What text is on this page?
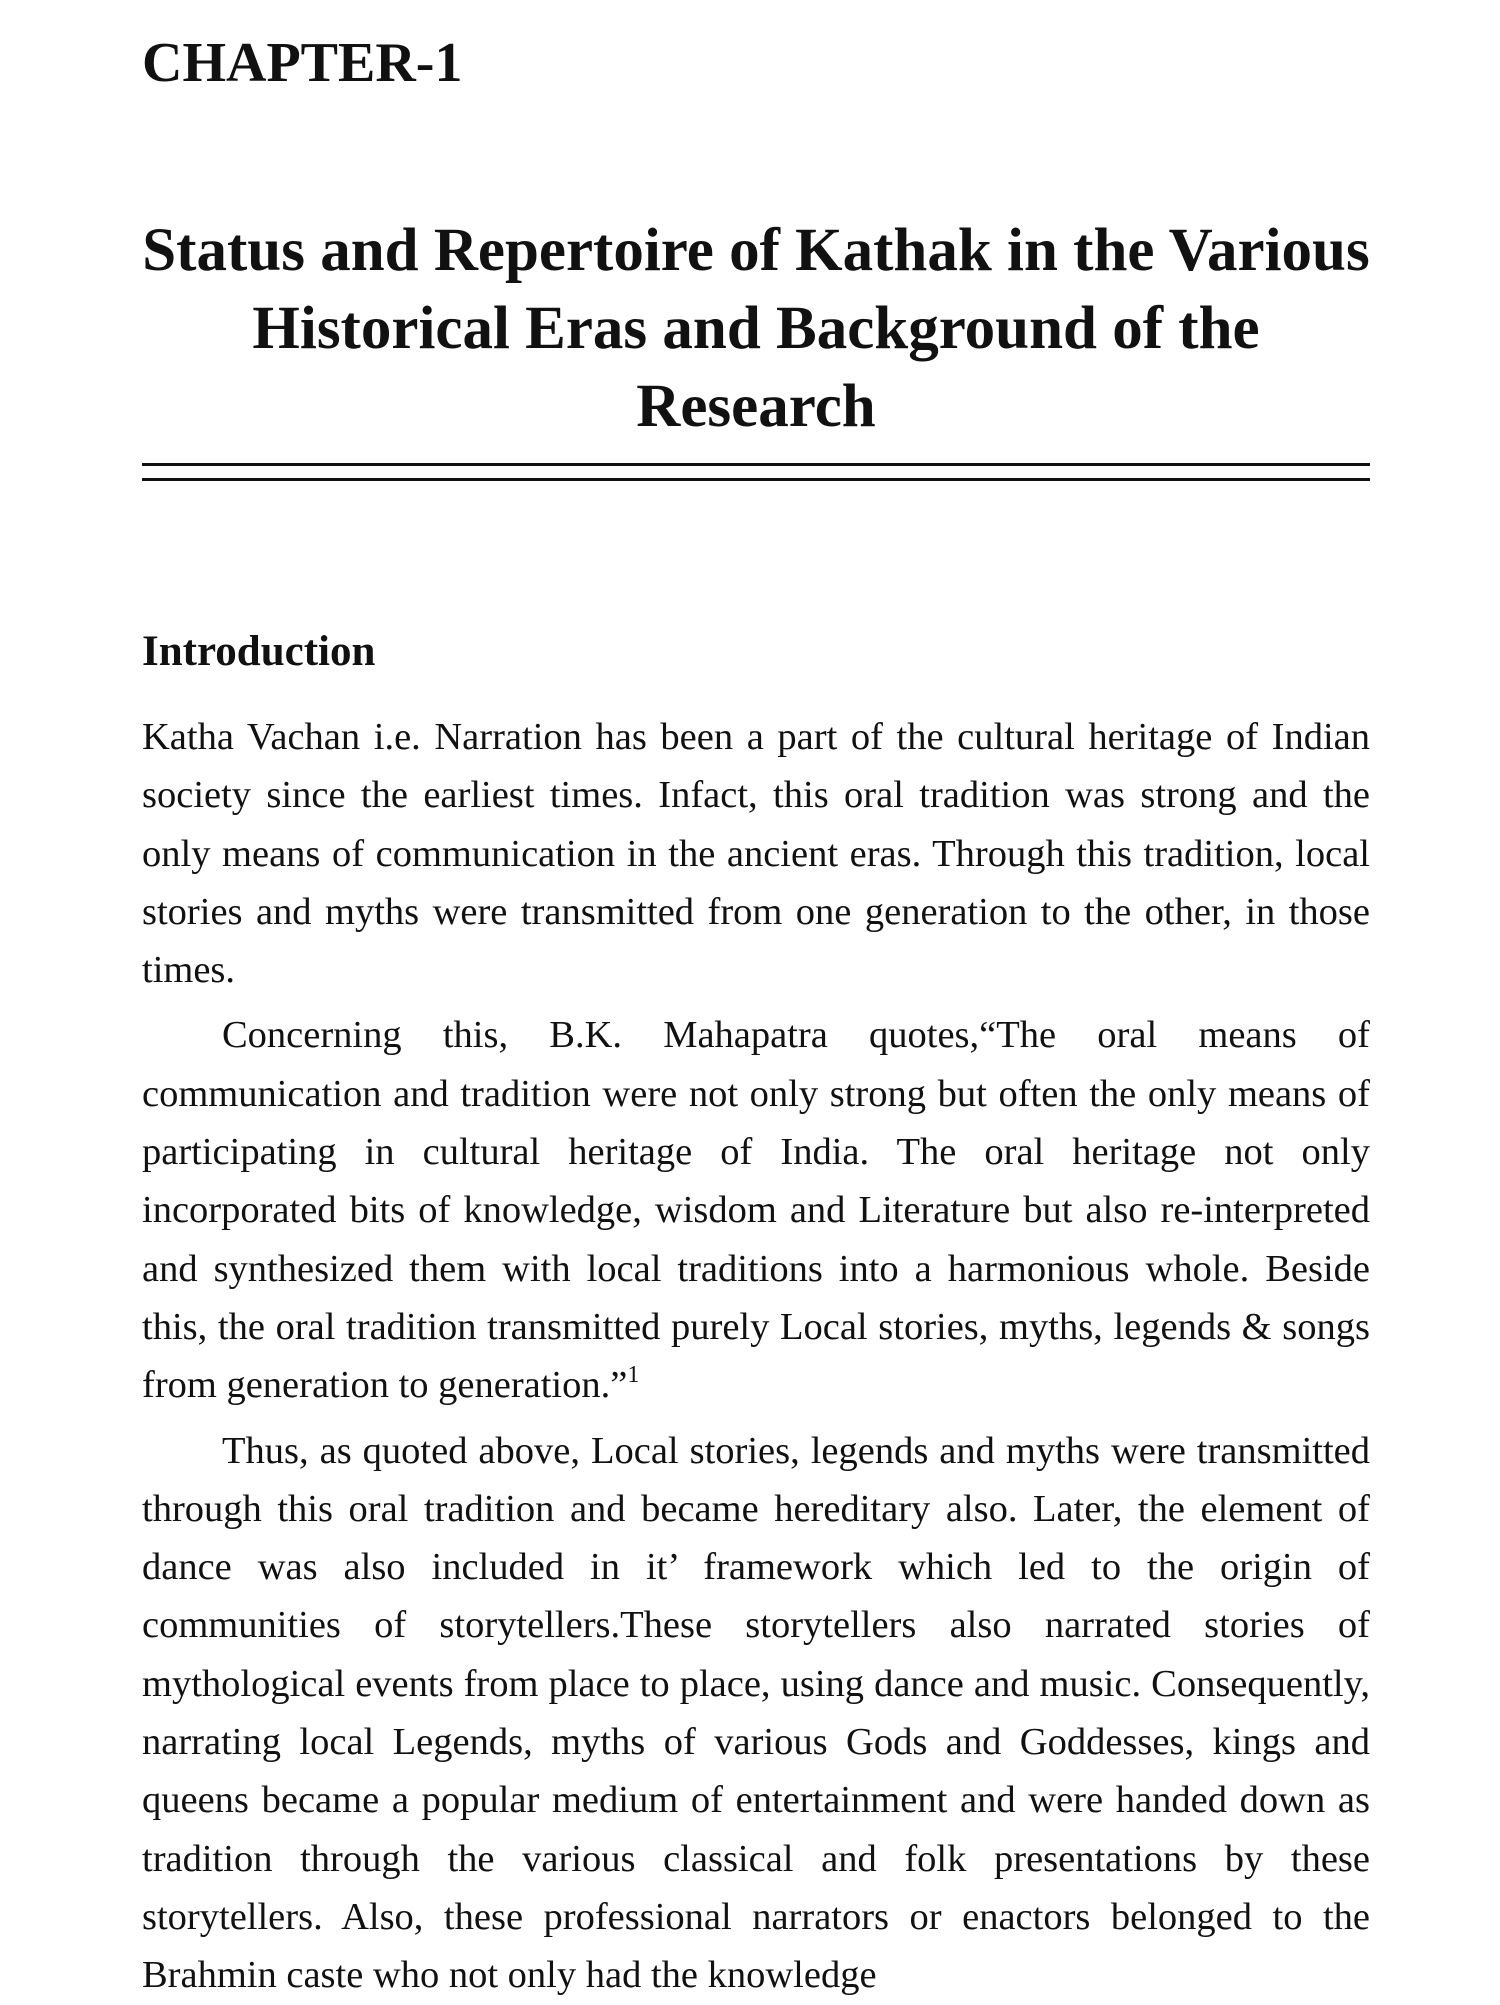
CHAPTER-1
Status and Repertoire of Kathak in the Various Historical Eras and Background of the Research
Introduction

Katha Vachan i.e. Narration has been a part of the cultural heritage of Indian society since the earliest times. Infact, this oral tradition was strong and the only means of communication in the ancient eras. Through this tradition, local stories and myths were transmitted from one generation to the other, in those times.

Concerning this, B.K. Mahapatra quotes,“The oral means of communication and tradition were not only strong but often the only means of participating in cultural heritage of India. The oral heritage not only incorporated bits of knowledge, wisdom and Literature but also re-interpreted and synthesized them with local traditions into a harmonious whole. Beside this, the oral tradition transmitted purely Local stories, myths, legends & songs from generation to generation.”$^1$

Thus, as quoted above, Local stories, legends and myths were transmitted through this oral tradition and became hereditary also. Later, the element of dance was also included in it’ framework which led to the origin of communities of storytellers.These storytellers also narrated stories of mythological events from place to place, using dance and music. Consequently, narrating local Legends, myths of various Gods and Goddesses, kings and queens became a popular medium of entertainment and were handed down as tradition through the various classical and folk presentations by these storytellers. Also, these professional narrators or enactors belonged to the Brahmin caste who not only had the knowledge
